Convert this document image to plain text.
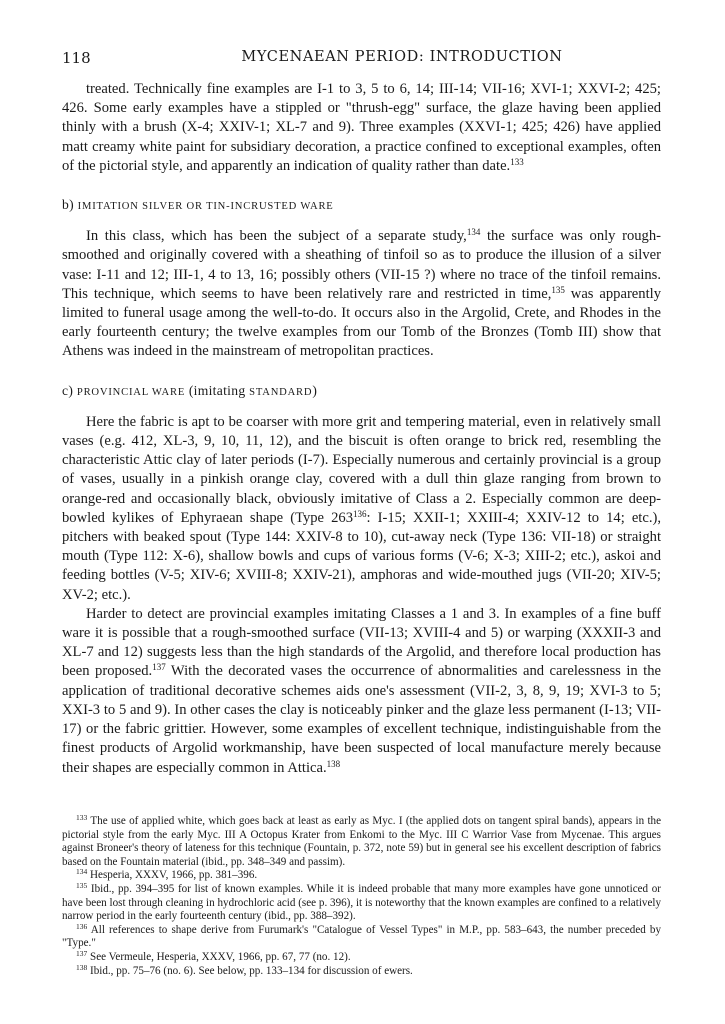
118	MYCENAEAN PERIOD: INTRODUCTION

treated. Technically fine examples are I-1 to 3, 5 to 6, 14; III-14; VII-16; XVI-1; XXVI-2; 425; 426. Some early examples have a stippled or "thrush-egg" surface, the glaze having been applied thinly with a brush (X-4; XXIV-1; XL-7 and 9). Three examples (XXVI-1; 425; 426) have applied matt creamy white paint for subsidiary decoration, a practice confined to exceptional examples, often of the pictorial style, and apparently an indication of quality rather than date.$^{133}$

b) IMITATION SILVER OR TIN-INCRUSTED WARE

In this class, which has been the subject of a separate study,$^{134}$ the surface was only rough-smoothed and originally covered with a sheathing of tinfoil so as to produce the illusion of a silver vase: I-11 and 12; III-1, 4 to 13, 16; possibly others (VII-15 ?) where no trace of the tinfoil remains. This technique, which seems to have been relatively rare and restricted in time,$^{135}$ was apparently limited to funeral usage among the well-to-do. It occurs also in the Argolid, Crete, and Rhodes in the early fourteenth century; the twelve examples from our Tomb of the Bronzes (Tomb III) show that Athens was indeed in the mainstream of metropolitan practices.

c) PROVINCIAL WARE (imitating STANDARD)

Here the fabric is apt to be coarser with more grit and tempering material, even in relatively small vases (e.g. 412, XL-3, 9, 10, 11, 12), and the biscuit is often orange to brick red, resembling the characteristic Attic clay of later periods (I-7). Especially numerous and certainly provincial is a group of vases, usually in a pinkish orange clay, covered with a dull thin glaze ranging from brown to orange-red and occasionally black, obviously imitative of Class a 2. Especially common are deep-bowled kylikes of Ephyraean shape (Type $263^{136}$: I-15; XXII-1; XXIII-4; XXIV-12 to 14; etc.), pitchers with beaked spout (Type 144: XXIV-8 to 10), cut-away neck (Type 136: VII-18) or straight mouth (Type 112: X-6), shallow bowls and cups of various forms (V-6; X-3; XIII-2; etc.), askoi and feeding bottles (V-5; XIV-6; XVIII-8; XXIV-21), amphoras and wide-mouthed jugs (VII-20; XIV-5; XV-2; etc.).

Harder to detect are provincial examples imitating Classes a 1 and 3. In examples of a fine buff ware it is possible that a rough-smoothed surface (VII-13; XVIII-4 and 5) or warping (XXXII-3 and XL-7 and 12) suggests less than the high standards of the Argolid, and therefore local production has been proposed.$^{137}$ With the decorated vases the occurrence of abnormalities and carelessness in the application of traditional decorative schemes aids one's assessment (VII-2, 3, 8, 9, 19; XVI-3 to 5; XXI-3 to 5 and 9). In other cases the clay is noticeably pinker and the glaze less permanent (I-13; VII-17) or the fabric grittier. However, some examples of excellent technique, indistinguishable from the finest products of Argolid workmanship, have been suspected of local manufacture merely because their shapes are especially common in Attica.$^{138}$

$^{133}$ The use of applied white, which goes back at least as early as Myc. I (the applied dots on tangent spiral bands), appears in the pictorial style from the early Myc. III A Octopus Krater from Enkomi to the Myc. III C Warrior Vase from Mycenae. This argues against Broneer's theory of lateness for this technique (Fountain, p. 372, note 59) but in general see his excellent description of fabrics based on the Fountain material (ibid., pp. 348–349 and passim).

$^{134}$ Hesperia, XXXV, 1966, pp. 381–396.

$^{135}$ Ibid., pp. 394–395 for list of known examples. While it is indeed probable that many more examples have gone unnoticed or have been lost through cleaning in hydrochloric acid (see p. 396), it is noteworthy that the known examples are confined to a relatively narrow period in the early fourteenth century (ibid., pp. 388–392).

$^{136}$ All references to shape derive from Furumark's "Catalogue of Vessel Types" in M.P., pp. 583–643, the number preceded by "Type."

$^{137}$ See Vermeule, Hesperia, XXXV, 1966, pp. 67, 77 (no. 12).

$^{138}$ Ibid., pp. 75–76 (no. 6). See below, pp. 133–134 for discussion of ewers.
